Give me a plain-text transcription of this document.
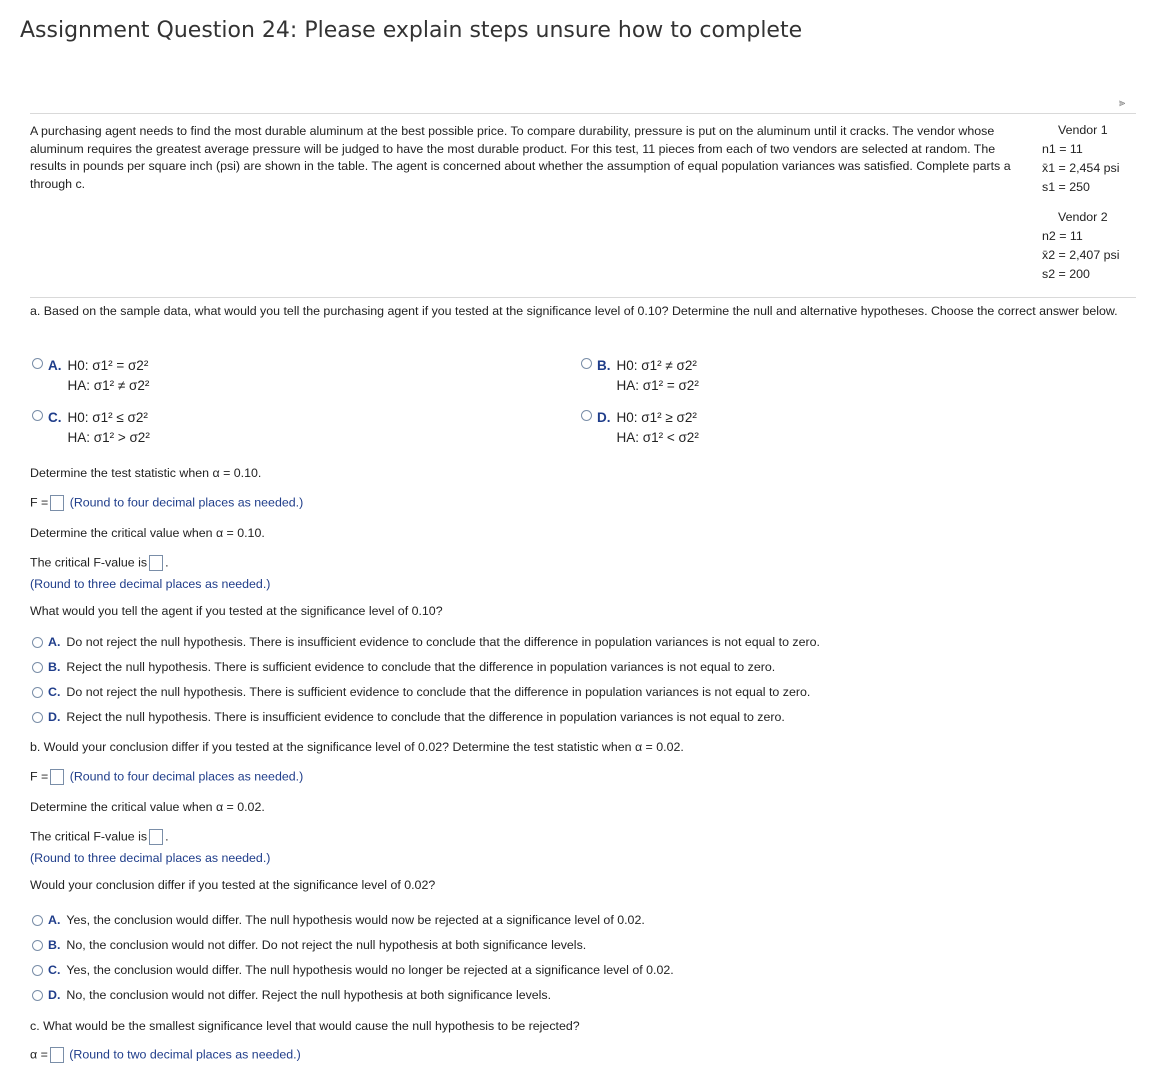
Assignment Question 24: Please explain steps unsure how to complete
⫸
A purchasing agent needs to find the most durable aluminum at the best possible price. To compare durability, pressure is put on the aluminum until it cracks. The vendor whose aluminum requires the greatest average pressure will be judged to have the most durable product. For this test, 11 pieces from each of two vendors are selected at random. The results in pounds per square inch (psi) are shown in the table. The agent is concerned about whether the assumption of equal population variances was satisfied. Complete parts a through c.
Vendor 1
n1 = 11
x̄1 = 2,454 psi
s1 = 250
Vendor 2
n2 = 11
x̄2 = 2,407 psi
s2 = 200
a. Based on the sample data, what would you tell the purchasing agent if you tested at the significance level of 0.10? Determine the null and alternative hypotheses. Choose the correct answer below.
A. H0: σ1² = σ2²
HA: σ1² ≠ σ2²
B. H0: σ1² ≠ σ2²
HA: σ1² = σ2²
C. H0: σ1² ≤ σ2²
HA: σ1² > σ2²
D. H0: σ1² ≥ σ2²
HA: σ1² < σ2²
Determine the test statistic when α = 0.10.
F = (Round to four decimal places as needed.)
Determine the critical value when α = 0.10.
The critical F-value is .
(Round to three decimal places as needed.)
What would you tell the agent if you tested at the significance level of 0.10?
A. Do not reject the null hypothesis. There is insufficient evidence to conclude that the difference in population variances is not equal to zero.
B. Reject the null hypothesis. There is sufficient evidence to conclude that the difference in population variances is not equal to zero.
C. Do not reject the null hypothesis. There is sufficient evidence to conclude that the difference in population variances is not equal to zero.
D. Reject the null hypothesis. There is insufficient evidence to conclude that the difference in population variances is not equal to zero.
b. Would your conclusion differ if you tested at the significance level of 0.02? Determine the test statistic when α = 0.02.
F = (Round to four decimal places as needed.)
Determine the critical value when α = 0.02.
The critical F-value is .
(Round to three decimal places as needed.)
Would your conclusion differ if you tested at the significance level of 0.02?
A. Yes, the conclusion would differ. The null hypothesis would now be rejected at a significance level of 0.02.
B. No, the conclusion would not differ. Do not reject the null hypothesis at both significance levels.
C. Yes, the conclusion would differ. The null hypothesis would no longer be rejected at a significance level of 0.02.
D. No, the conclusion would not differ. Reject the null hypothesis at both significance levels.
c. What would be the smallest significance level that would cause the null hypothesis to be rejected?
α = (Round to two decimal places as needed.)
